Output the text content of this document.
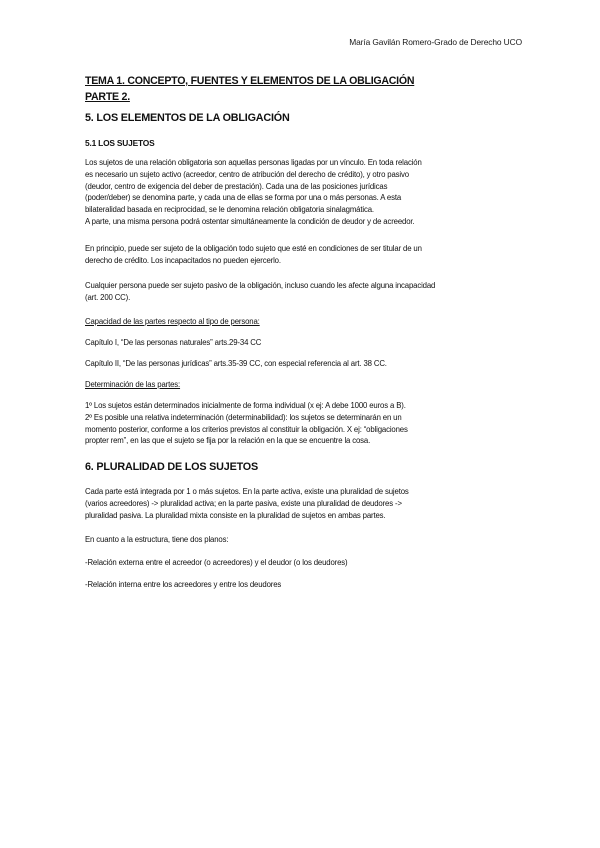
María Gavilán Romero-Grado de Derecho UCO
TEMA 1. CONCEPTO, FUENTES Y ELEMENTOS DE LA OBLIGACIÓN
PARTE 2.
5. LOS ELEMENTOS DE LA OBLIGACIÓN
5.1 LOS SUJETOS
Los sujetos de una relación obligatoria son aquellas personas ligadas por un vínculo. En toda relación
es necesario un sujeto activo (acreedor, centro de atribución del derecho de crédito), y otro pasivo
(deudor, centro de exigencia del deber de prestación). Cada una de las posiciones jurídicas
(poder/deber) se denomina parte, y cada una de ellas se forma por una o más personas. A esta
bilateralidad basada en reciprocidad, se le denomina relación obligatoria sinalagmática.
A parte, una misma persona podrá ostentar simultáneamente la condición de deudor y de acreedor.
En principio, puede ser sujeto de la obligación todo sujeto que esté en condiciones de ser titular de un
derecho de crédito. Los incapacitados no pueden ejercerlo.
Cualquier persona puede ser sujeto pasivo de la obligación, incluso cuando les afecte alguna incapacidad
(art. 200 CC).
Capacidad de las partes respecto al tipo de persona:
Capítulo I, “De las personas naturales” arts.29-34 CC
Capítulo II, “De las personas jurídicas” arts.35-39 CC, con especial referencia al art. 38 CC.
Determinación de las partes:
1º Los sujetos están determinados inicialmente de forma individual (x ej: A debe 1000 euros a B).
2º Es posible una relativa indeterminación (determinabilidad): los sujetos se determinarán en un
momento posterior, conforme a los criterios previstos al constituir la obligación. X ej: “obligaciones
propter rem”, en las que el sujeto se fija por la relación en la que se encuentre la cosa.
6. PLURALIDAD DE LOS SUJETOS
Cada parte está integrada por 1 o más sujetos. En la parte activa, existe una pluralidad de sujetos
(varios acreedores) -> pluralidad activa; en la parte pasiva, existe una pluralidad de deudores ->
pluralidad pasiva. La pluralidad mixta consiste en la pluralidad de sujetos en ambas partes.
En cuanto a la estructura, tiene dos planos:
-Relación externa entre el acreedor (o acreedores) y el deudor (o los deudores)
-Relación interna entre los acreedores y entre los deudores
